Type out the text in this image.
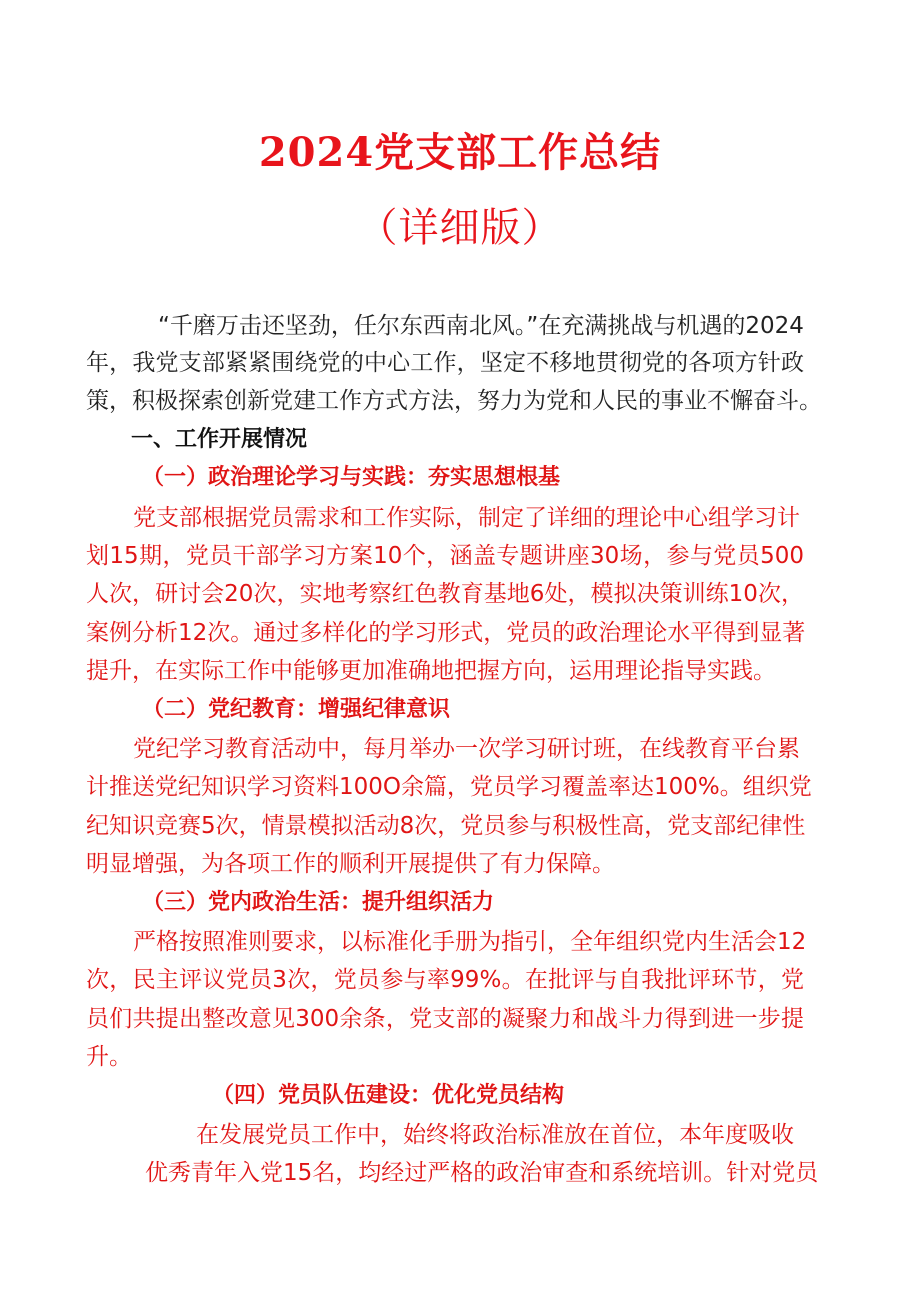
2024党支部工作总结
（详细版）
“千磨万击还坚劲，任尔东西南北风。”在充满挑战与机遇的2024
年，我党支部紧紧围绕党的中心工作，坚定不移地贯彻党的各项方针政
策，积极探索创新党建工作方式方法，努力为党和人民的事业不懈奋斗。
一、工作开展情况
（一）政治理论学习与实践：夯实思想根基
党支部根据党员需求和工作实际，制定了详细的理论中心组学习计
划15期，党员干部学习方案10个，涵盖专题讲座30场，参与党员500
人次，研讨会20次，实地考察红色教育基地6处，模拟决策训练10次，
案例分析12次。通过多样化的学习形式，党员的政治理论水平得到显著
提升，在实际工作中能够更加准确地把握方向，运用理论指导实践。
（二）党纪教育：增强纪律意识
党纪学习教育活动中，每月举办一次学习研讨班，在线教育平台累
计推送党纪知识学习资料100O余篇，党员学习覆盖率达100%。组织党
纪知识竞赛5次，情景模拟活动8次，党员参与积极性高，党支部纪律性
明显增强，为各项工作的顺利开展提供了有力保障。
（三）党内政治生活：提升组织活力
严格按照准则要求，以标准化手册为指引，全年组织党内生活会12
次，民主评议党员3次，党员参与率99%。在批评与自我批评环节，党
员们共提出整改意见300余条，党支部的凝聚力和战斗力得到进一步提
升。
（四）党员队伍建设：优化党员结构
在发展党员工作中，始终将政治标准放在首位，本年度吸收
优秀青年入党15名，均经过严格的政治审查和系统培训。针对党员
